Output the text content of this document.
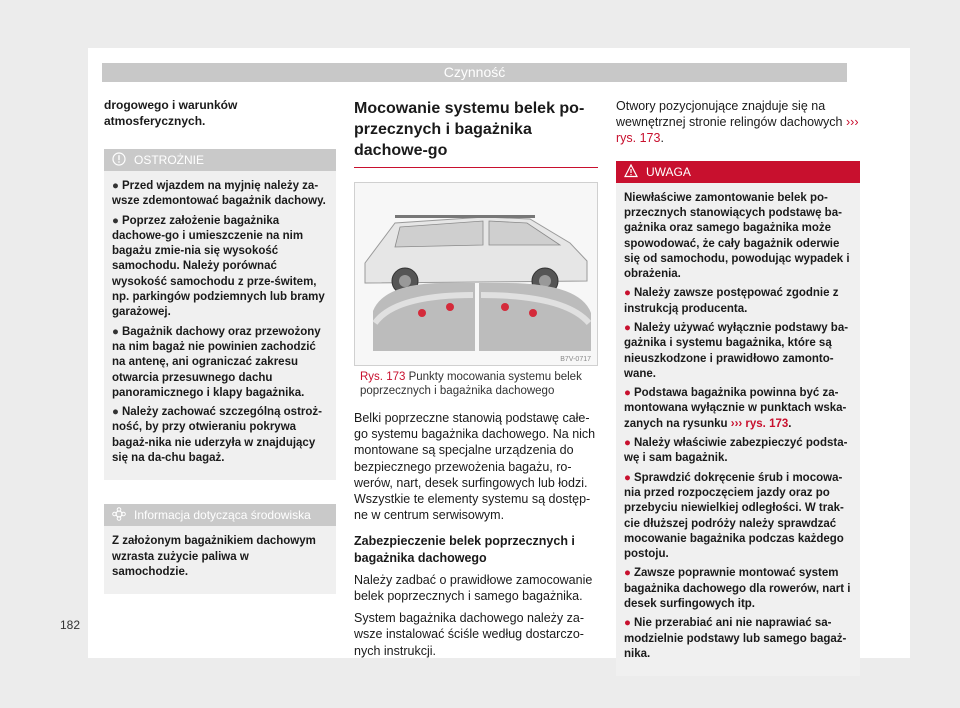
Czynność

drogowego i warunków atmosferycznych.

OSTROŻNIE

● Przed wjazdem na myjnię należy za-wsze zdemontować bagażnik dachowy.

● Poprzez założenie bagażnika dachowe-go i umieszczenie na nim bagażu zmie-nia się wysokość samochodu. Należy porównać wysokość samochodu z prze-świtem, np. parkingów podziemnych lub bramy garażowej.

● Bagażnik dachowy oraz przewożony na nim bagaż nie powinien zachodzić na antenę, ani ograniczać zakresu otwarcia przesuwnego dachu panoramicznego i klapy bagażnika.

● Należy zachować szczególną ostroż-ność, by przy otwieraniu pokrywa bagaż-nika nie uderzyła w znajdujący się na da-chu bagaż.

Informacja dotycząca środowiska

Z założonym bagażnikiem dachowym wzrasta zużycie paliwa w samochodzie.

Mocowanie systemu belek po-przecznych i bagażnika dachowe-go
B7V-0717

Rys. 173 Punkty mocowania systemu belek poprzecznych i bagażnika dachowego

Belki poprzeczne stanowią podstawę całe-go systemu bagażnika dachowego. Na nich montowane są specjalne urządzenia do bezpiecznego przewożenia bagażu, ro-werów, nart, desek surfingowych lub łodzi. Wszystkie te elementy systemu są dostęp-ne w centrum serwisowym.

Zabezpieczenie belek poprzecznych i bagażnika dachowego

Należy zadbać o prawidłowe zamocowanie belek poprzecznych i samego bagażnika.

System bagażnika dachowego należy za-wsze instalować ściśle według dostarczo-nych instrukcji.

Otwory pozycjonujące znajduje się na wewnętrznej stronie relingów dachowych ››› rys. 173.

UWAGA

Niewłaściwe zamontowanie belek po-przecznych stanowiących podstawę ba-gażnika oraz samego bagażnika może spowodować, że cały bagażnik oderwie się od samochodu, powodując wypadek i obrażenia.

● Należy zawsze postępować zgodnie z instrukcją producenta.

● Należy używać wyłącznie podstawy ba-gażnika i systemu bagażnika, które są nieuszkodzone i prawidłowo zamonto-wane.

● Podstawa bagażnika powinna być za-montowana wyłącznie w punktach wska-zanych na rysunku ››› rys. 173.

● Należy właściwie zabezpieczyć podsta-wę i sam bagażnik.

● Sprawdzić dokręcenie śrub i mocowa-nia przed rozpoczęciem jazdy oraz po przebyciu niewielkiej odległości. W trak-cie dłuższej podróży należy sprawdzać mocowanie bagażnika podczas każdego postoju.

● Zawsze poprawnie montować system bagażnika dachowego dla rowerów, nart i desek surfingowych itp.

● Nie przerabiać ani nie naprawiać sa-modzielnie podstawy lub samego bagaż-nika.

182
